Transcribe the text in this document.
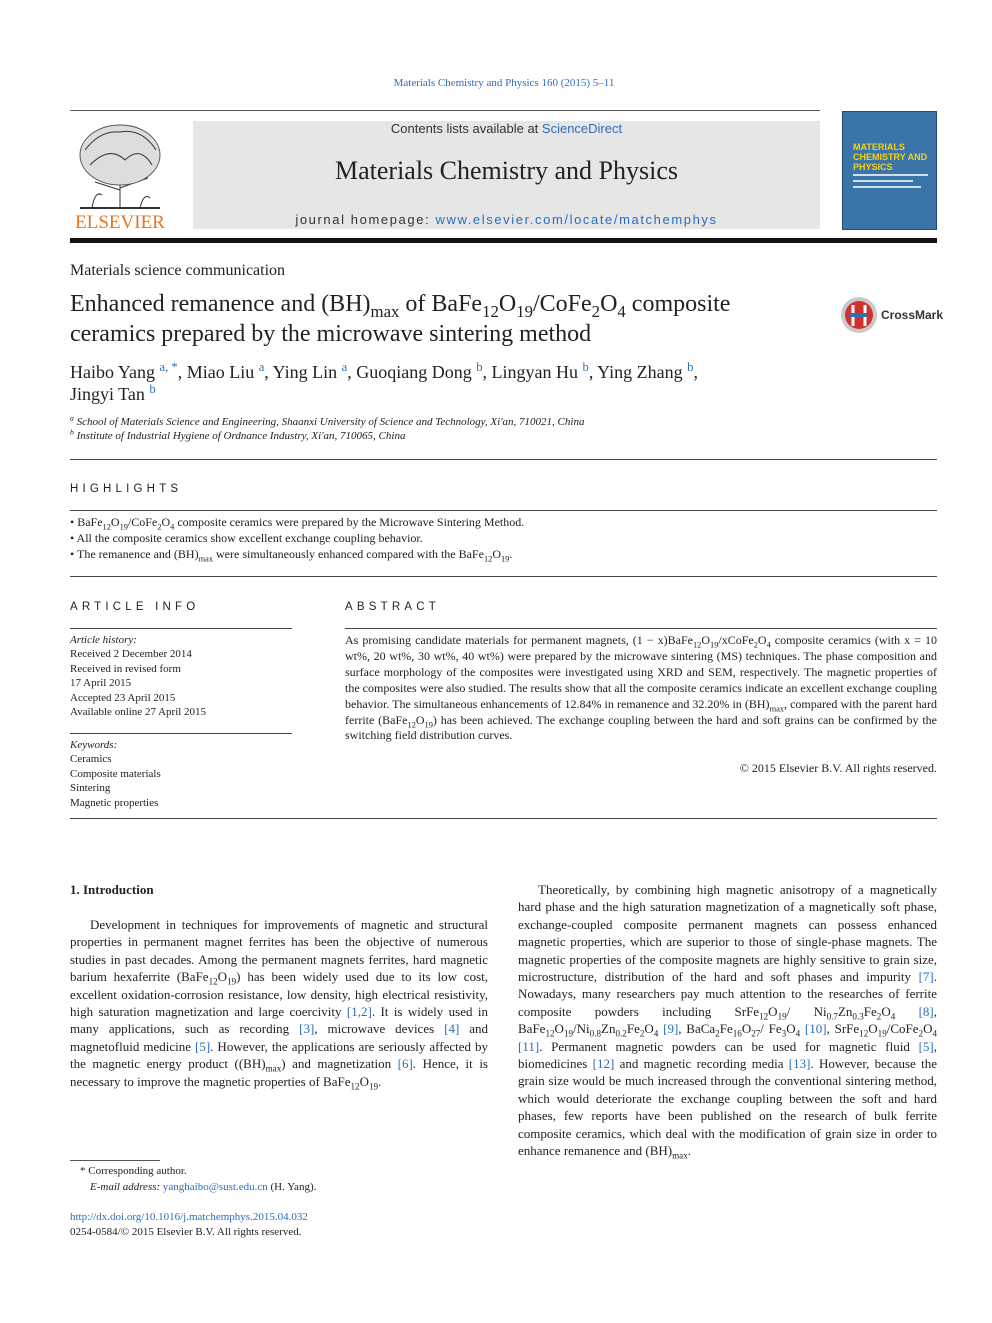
Materials Chemistry and Physics 160 (2015) 5–11
ELSEVIER
Contents lists available at ScienceDirect
Materials Chemistry and Physics
journal homepage: www.elsevier.com/locate/matchemphys
MATERIALS CHEMISTRY AND PHYSICS
Materials science communication
Enhanced remanence and $(BH)_{max}$ of $BaFe_{12}O_{19}/CoFe_2O_4$ composite ceramics prepared by the microwave sintering method
CrossMark
Haibo Yang $^{a, *}$, Miao Liu $^a$, Ying Lin $^a$, Guoqiang Dong $^b$, Lingyan Hu $^b$, Ying Zhang $^b$,
Jingyi Tan $^b$
$^a$ School of Materials Science and Engineering, Shaanxi University of Science and Technology, Xi'an, 710021, China
$^b$ Institute of Industrial Hygiene of Ordnance Industry, Xi'an, 710065, China
HIGHLIGHTS
• $BaFe_{12}O_{19}/CoFe_2O_4$ composite ceramics were prepared by the Microwave Sintering Method.
• All the composite ceramics show excellent exchange coupling behavior.
• The remanence and $(BH)_{max}$ were simultaneously enhanced compared with the $BaFe_{12}O_{19}$.
ARTICLE INFO
Article history:
Received 2 December 2014
Received in revised form
17 April 2015
Accepted 23 April 2015
Available online 27 April 2015
Keywords:
Ceramics
Composite materials
Sintering
Magnetic properties
ABSTRACT
As promising candidate materials for permanent magnets, $(1 - x)BaFe_{12}O_{19}/xCoFe_2O_4$ composite ceramics (with x = 10 wt%, 20 wt%, 30 wt%, 40 wt%) were prepared by the microwave sintering (MS) techniques. The phase composition and surface morphology of the composites were investigated using XRD and SEM, respectively. The magnetic properties of the composites were also studied. The results show that all the composite ceramics indicate an excellent exchange coupling behavior. The simultaneous enhancements of 12.84% in remanence and 32.20% in $(BH)_{max}$, compared with the parent hard ferrite $(BaFe_{12}O_{19})$ has been achieved. The exchange coupling between the hard and soft grains can be confirmed by the switching field distribution curves.
© 2015 Elsevier B.V. All rights reserved.
1. Introduction
Development in techniques for improvements of magnetic and structural properties in permanent magnet ferrites has been the objective of numerous studies in past decades. Among the permanent magnets ferrites, hard magnetic barium hexaferrite $(BaFe_{12}O_{19})$ has been widely used due to its low cost, excellent oxidation-corrosion resistance, low density, high electrical resistivity, high saturation magnetization and large coercivity [1,2]. It is widely used in many applications, such as recording [3], microwave devices [4] and magnetofluid medicine [5]. However, the applications are seriously affected by the magnetic energy product $((BH)_{max})$ and magnetization [6]. Hence, it is necessary to improve the magnetic properties of $BaFe_{12}O_{19}$.
Theoretically, by combining high magnetic anisotropy of a magnetically hard phase and the high saturation magnetization of a magnetically soft phase, exchange-coupled composite permanent magnets can possess enhanced magnetic properties, which are superior to those of single-phase magnets. The magnetic properties of the composite magnets are highly sensitive to grain size, microstructure, distribution of the hard and soft phases and impurity [7]. Nowadays, many researchers pay much attention to the researches of ferrite composite powders including $SrFe_{12}O_{19}/$ $Ni_{0.7}Zn_{0.3}Fe_2O_4$ [8], $BaFe_{12}O_{19}/Ni_{0.8}Zn_{0.2}Fe_2O_4$ [9], $BaCa_2Fe_{16}O_{27}/$ $Fe_3O_4$ [10], $SrFe_{12}O_{19}/CoFe_2O_4$ [11]. Permanent magnetic powders can be used for magnetic fluid [5], biomedicines [12] and magnetic recording media [13]. However, because the grain size would be much increased through the conventional sintering method, which would deteriorate the exchange coupling between the soft and hard phases, few reports have been published on the research of bulk ferrite composite ceramics, which deal with the modification of grain size in order to enhance remanence and $(BH)_{max}$.
* Corresponding author.
E-mail address: yanghaibo@sust.edu.cn (H. Yang).
http://dx.doi.org/10.1016/j.matchemphys.2015.04.032
0254-0584/© 2015 Elsevier B.V. All rights reserved.
